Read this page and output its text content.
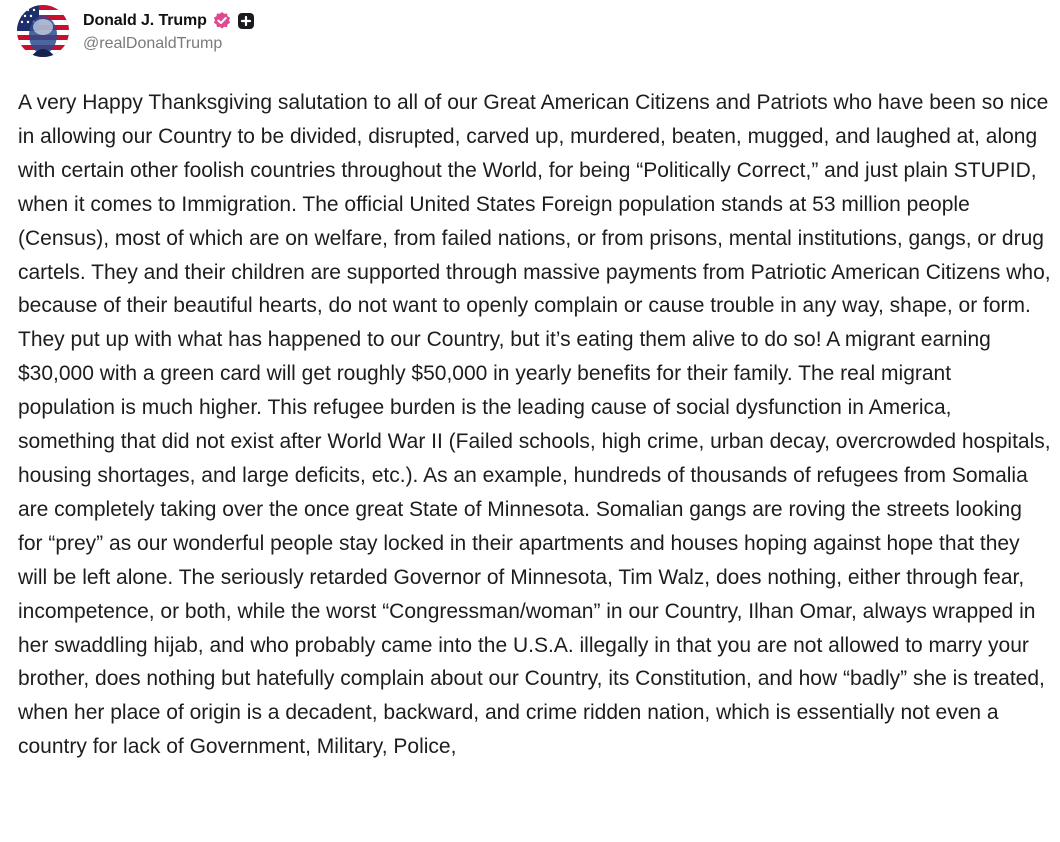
Donald J. Trump
@realDonaldTrump

A very Happy Thanksgiving salutation to all of our Great American Citizens and Patriots who have been so nice in allowing our Country to be divided, disrupted, carved up, murdered, beaten, mugged, and laughed at, along with certain other foolish countries throughout the World, for being “Politically Correct,” and just plain STUPID, when it comes to Immigration. The official United States Foreign population stands at 53 million people (Census), most of which are on welfare, from failed nations, or from prisons, mental institutions, gangs, or drug cartels. They and their children are supported through massive payments from Patriotic American Citizens who, because of their beautiful hearts, do not want to openly complain or cause trouble in any way, shape, or form. They put up with what has happened to our Country, but it’s eating them alive to do so! A migrant earning $30,000 with a green card will get roughly $50,000 in yearly benefits for their family. The real migrant population is much higher. This refugee burden is the leading cause of social dysfunction in America, something that did not exist after World War II (Failed schools, high crime, urban decay, overcrowded hospitals, housing shortages, and large deficits, etc.). As an example, hundreds of thousands of refugees from Somalia are completely taking over the once great State of Minnesota. Somalian gangs are roving the streets looking for “prey” as our wonderful people stay locked in their apartments and houses hoping against hope that they will be left alone. The seriously retarded Governor of Minnesota, Tim Walz, does nothing, either through fear, incompetence, or both, while the worst “Congressman/woman” in our Country, Ilhan Omar, always wrapped in her swaddling hijab, and who probably came into the U.S.A. illegally in that you are not allowed to marry your brother, does nothing but hatefully complain about our Country, its Constitution, and how “badly” she is treated, when her place of origin is a decadent, backward, and crime ridden nation, which is essentially not even a country for lack of Government, Military, Police,
